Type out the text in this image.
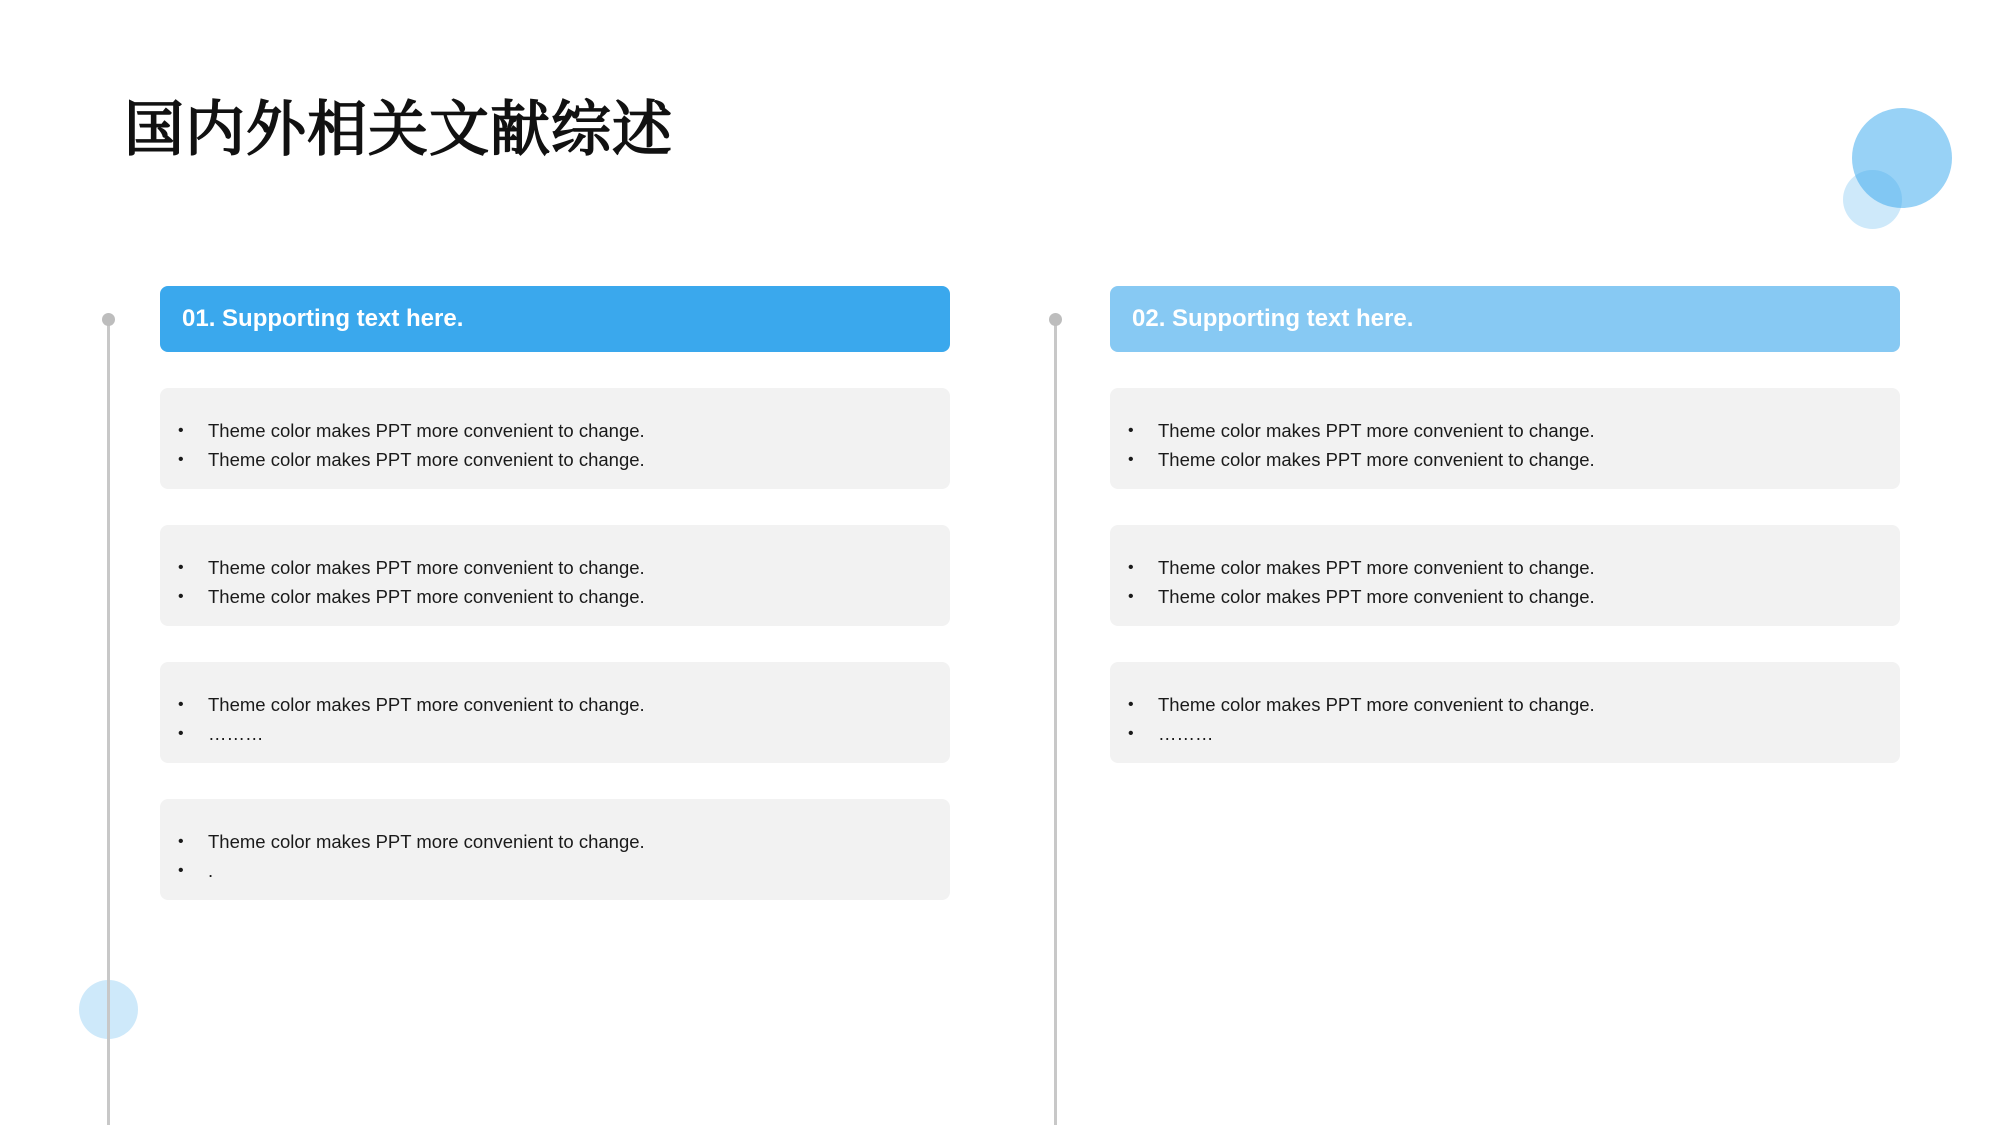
国内外相关文献综述
01. Supporting text here.
• Theme color makes PPT more convenient to change.
• Theme color makes PPT more convenient to change.
• Theme color makes PPT more convenient to change.
• Theme color makes PPT more convenient to change.
• Theme color makes PPT more convenient to change.
• ………
• Theme color makes PPT more convenient to change.
• .
02. Supporting text here.
• Theme color makes PPT more convenient to change.
• Theme color makes PPT more convenient to change.
• Theme color makes PPT more convenient to change.
• Theme color makes PPT more convenient to change.
• Theme color makes PPT more convenient to change.
• ………
